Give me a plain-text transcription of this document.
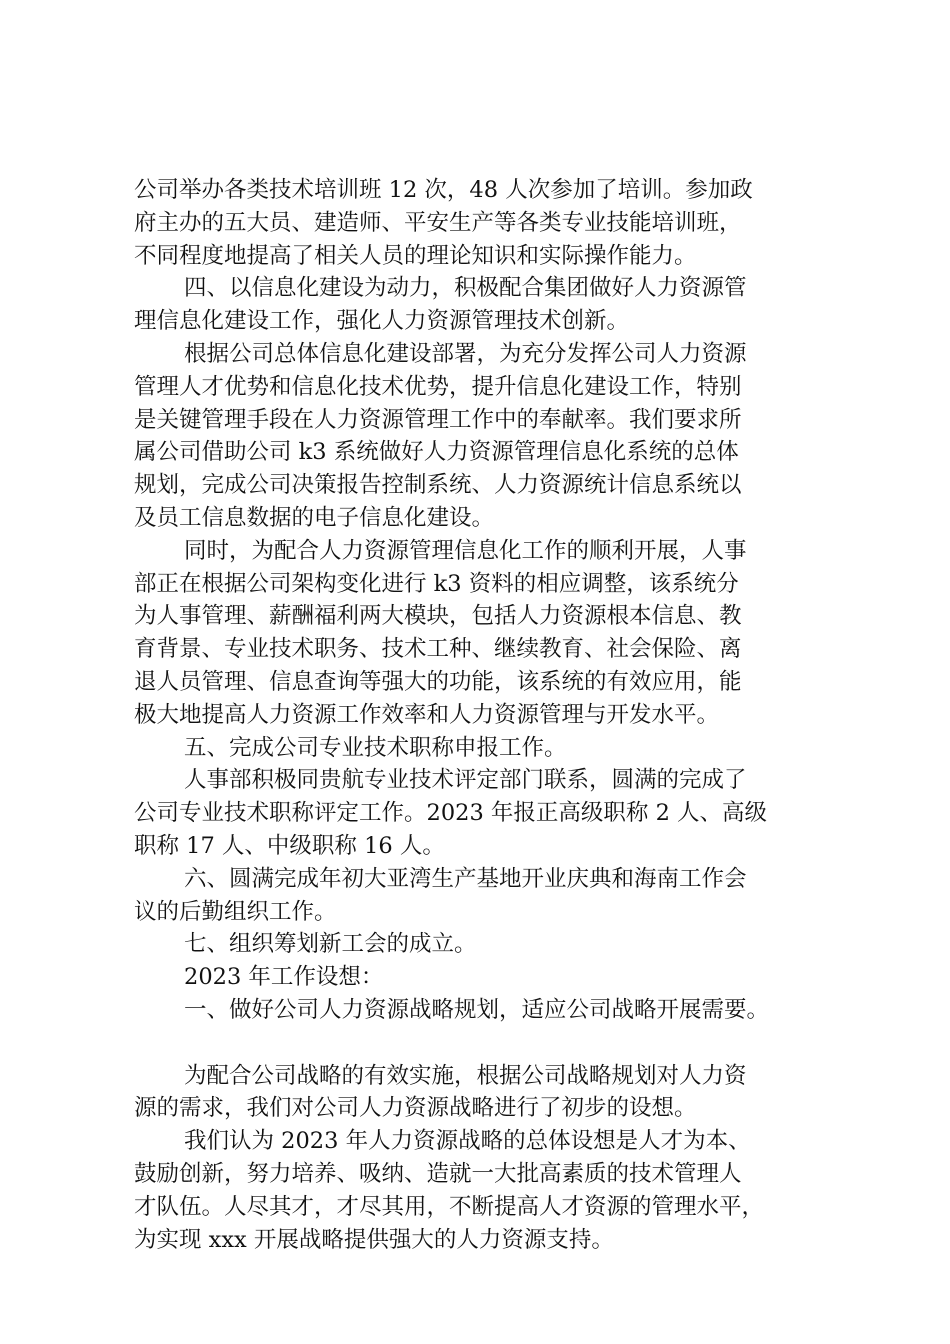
公司举办各类技术培训班 12 次，48 人次参加了培训。参加政
府主办的五大员、建造师、平安生产等各类专业技能培训班，
不同程度地提高了相关人员的理论知识和实际操作能力。
四、以信息化建设为动力，积极配合集团做好人力资源管
理信息化建设工作，强化人力资源管理技术创新。
根据公司总体信息化建设部署，为充分发挥公司人力资源
管理人才优势和信息化技术优势，提升信息化建设工作，特别
是关键管理手段在人力资源管理工作中的奉献率。我们要求所
属公司借助公司 k3 系统做好人力资源管理信息化系统的总体
规划，完成公司决策报告控制系统、人力资源统计信息系统以
及员工信息数据的电子信息化建设。
同时，为配合人力资源管理信息化工作的顺利开展，人事
部正在根据公司架构变化进行 k3 资料的相应调整，该系统分
为人事管理、薪酬福利两大模块，包括人力资源根本信息、教
育背景、专业技术职务、技术工种、继续教育、社会保险、离
退人员管理、信息查询等强大的功能，该系统的有效应用，能
极大地提高人力资源工作效率和人力资源管理与开发水平。
五、完成公司专业技术职称申报工作。
人事部积极同贵航专业技术评定部门联系，圆满的完成了
公司专业技术职称评定工作。2023 年报正高级职称 2 人、高级
职称 17 人、中级职称 16 人。
六、圆满完成年初大亚湾生产基地开业庆典和海南工作会
议的后勤组织工作。
七、组织筹划新工会的成立。
2023 年工作设想：
一、做好公司人力资源战略规划，适应公司战略开展需要。
为配合公司战略的有效实施，根据公司战略规划对人力资
源的需求，我们对公司人力资源战略进行了初步的设想。
我们认为 2023 年人力资源战略的总体设想是人才为本、
鼓励创新，努力培养、吸纳、造就一大批高素质的技术管理人
才队伍。人尽其才，才尽其用，不断提高人才资源的管理水平，
为实现 xxx 开展战略提供强大的人力资源支持。
